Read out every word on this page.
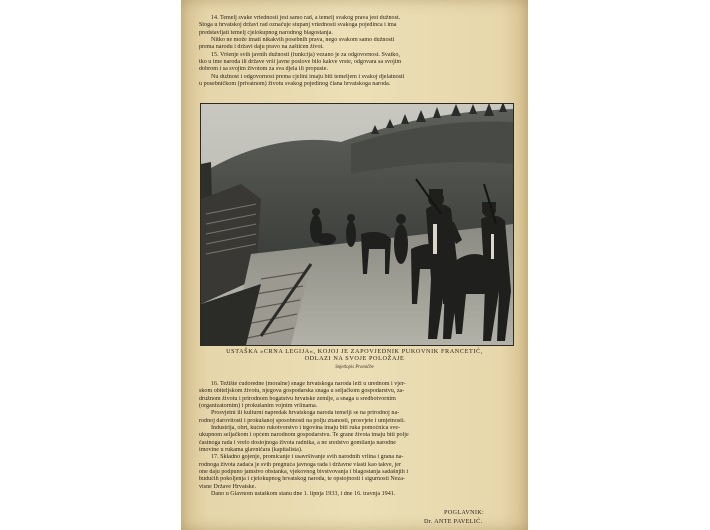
14. Temelj svake vriednosti jest samo rad, a temelj svakog prava jest dužnost.
Stoga u hrvatskoj državi rad označuje stupanj vriednosti svakoga pojedinca i ima
predstavljati temelj cjelokupnog narodnog blagostanja.
Nitko ne može imati nikakvih posebnih prava, nego svakom samo dužnosti
prema narodu i državi daju pravo na zaštićen život.
15. Vršenje svih javnih dužnosti (funkcija) vezano je za odgovornost. Svatko,
tko u ime naroda ili države vrši javne poslove bilo kakve vrste, odgovara sa svojim
dobrom i sa svojim životom za sva djela ili propuste.
Nu dužnost i odgovornost prema cjelini imaju biti temeljem i svakoj djelatnosti
u posebničkom (privatnom) životu svakog pojedinog člana hrvatskoga naroda.
USTAŠKA »CRNA LEGIJA«, KOJOJ JE ZAPOVJEDNIK PUKOVNIK FRANCETIĆ,
ODLAZI NA SVOJE POLOŽAJE
Snjetlopis Promičbe
16. Težište ćudoredne (moralne) snage hrvatskoga naroda leži u urednom i vjer-
skom obiteljskom životu, njegova gospodarska snaga u seljačkom gospodarstvu, za-
družnom životu i prirodnom bogatstvu hrvatske zemlje, a snaga u sredbotvornim
(organizatornim) i prokušanim vojnim vrlinama.
Prosvjetni ili kulturni napredak hrvatskoga naroda temelji se na prirodnoj na-
rodnoj darovitosti i prokušanoj sposobnosti na polju znanosti, prosvjete i umjetnosti.
Industrija, obrt, kućno rukotvorstvo i trgovina imaju biti ruka pomoćnica sve-
ukupnom seljačkom i općem narodnom gospodarstvu. Te grane života imaju biti polje
častnoga rada i vrelo dostojnoga života radnika, a ne sredstvo gomilanja narodne
imovine u rukama glavničara (kapitalista).
17. Skladno gojenje, promicanje i usavršivanje svih narodnih vrlina i grana na-
rodnoga života zadaća je svih pregnuća javnoga rada i državne vlasti kao takve, jer
one daju podpuno jamstvo obstanka, vjekovnog bivstvovanja i blagostanja sadašnjih i
budućih pokoljenja i cjelokupnog hrvatskog naroda, te opstojnosti i sigurnosti Neza-
visne Države Hrvatske.
Dano u Glavnom ustaškom stanu dne 1. lipnja 1933, i dne 16. travnja 1941.
POGLAVNIK:
Dr. ANTE PAVELIĆ.
